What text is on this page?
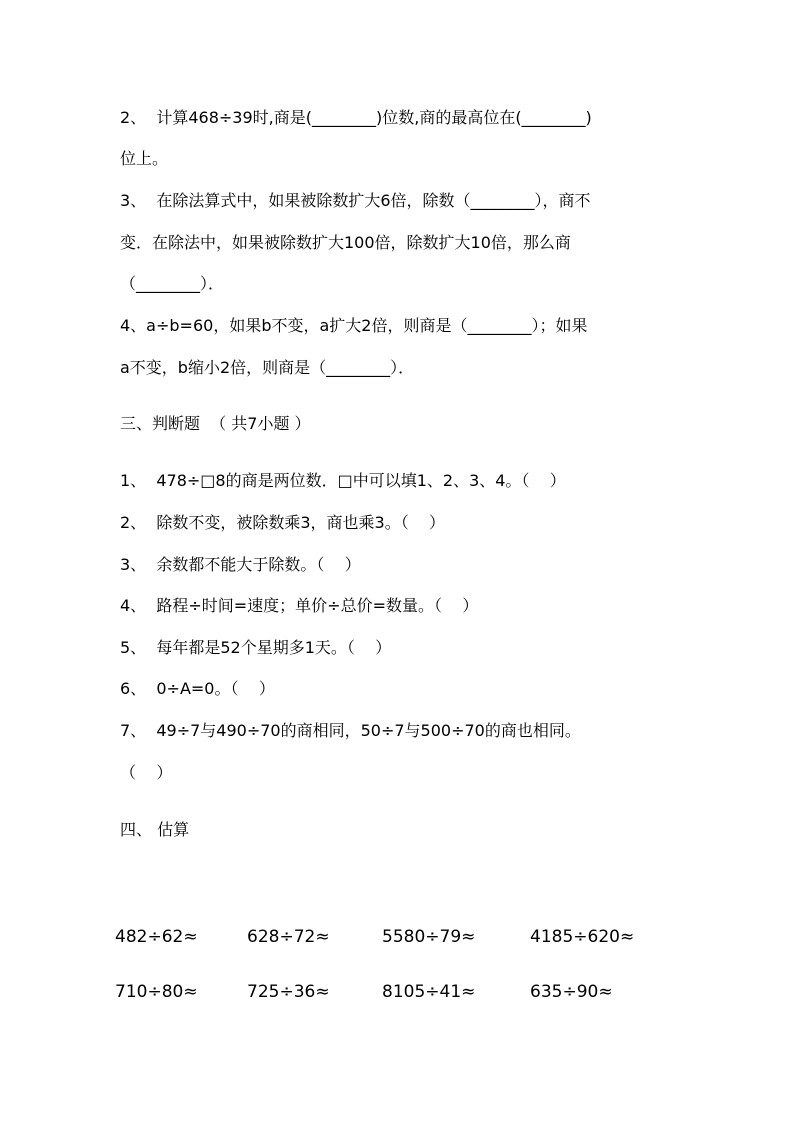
2、  计算468÷39时,商是(________)位数,商的最高位在(________)
位上。
3、  在除法算式中，如果被除数扩大6倍，除数（________），商不
变．在除法中，如果被除数扩大100倍，除数扩大10倍，那么商
（________）．
4、a÷b=60，如果b不变，a扩大2倍，则商是（________）；如果
a不变，b缩小2倍，则商是（________）．
三、判断题  （ 共7小题 ）
1、  478÷□8的商是两位数．□中可以填1、2、3、4。（    ）
2、  除数不变，被除数乘3，商也乘3。（    ）
3、  余数都不能大于除数。（    ）
4、  路程÷时间=速度；单价÷总价=数量。（    ）
5、  每年都是52个星期多1天。（    ）
6、  0÷A=0。（    ）
7、  49÷7与490÷70的商相同，50÷7与500÷70的商也相同。
（    ）
四、 估算
482÷62≈	628÷72≈	5580÷79≈	4185÷620≈
710÷80≈	725÷36≈	8105÷41≈	635÷90≈
